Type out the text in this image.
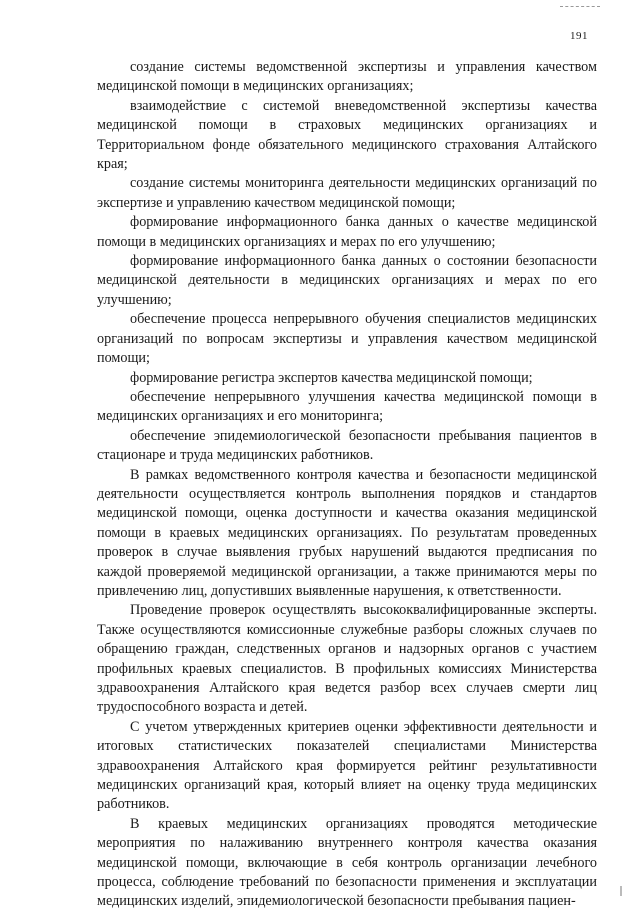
191

создание системы ведомственной экспертизы и управления качеством медицинской помощи в медицинских организациях;

взаимодействие с системой вневедомственной экспертизы качества медицинской помощи в страховых медицинских организациях и Территориальном фонде обязательного медицинского страхования Алтайского края;

создание системы мониторинга деятельности медицинских организаций по экспертизе и управлению качеством медицинской помощи;

формирование информационного банка данных о качестве медицинской помощи в медицинских организациях и мерах по его улучшению;

формирование информационного банка данных о состоянии безопасности медицинской деятельности в медицинских организациях и мерах по его улучшению;

обеспечение процесса непрерывного обучения специалистов медицинских организаций по вопросам экспертизы и управления качеством медицинской помощи;

формирование регистра экспертов качества медицинской помощи;

обеспечение непрерывного улучшения качества медицинской помощи в медицинских организациях и его мониторинга;

обеспечение эпидемиологической безопасности пребывания пациентов в стационаре и труда медицинских работников.

В рамках ведомственного контроля качества и безопасности медицинской деятельности осуществляется контроль выполнения порядков и стандартов медицинской помощи, оценка доступности и качества оказания медицинской помощи в краевых медицинских организациях. По результатам проведенных проверок в случае выявления грубых нарушений выдаются предписания по каждой проверяемой медицинской организации, а также принимаются меры по привлечению лиц, допустивших выявленные нарушения, к ответственности.

Проведение проверок осуществлять высококвалифицированные эксперты. Также осуществляются комиссионные служебные разборы сложных случаев по обращению граждан, следственных органов и надзорных органов с участием профильных краевых специалистов. В профильных комиссиях Министерства здравоохранения Алтайского края ведется разбор всех случаев смерти лиц трудоспособного возраста и детей.

С учетом утвержденных критериев оценки эффективности деятельности и итоговых статистических показателей специалистами Министерства здравоохранения Алтайского края формируется рейтинг результативности медицинских организаций края, который влияет на оценку труда медицинских работников.

В краевых медицинских организациях проводятся методические мероприятия по налаживанию внутреннего контроля качества оказания медицинской помощи, включающие в себя контроль организации лечебного процесса, соблюдение требований по безопасности применения и эксплуатации медицинских изделий, эпидемиологической безопасности пребывания пациен-
